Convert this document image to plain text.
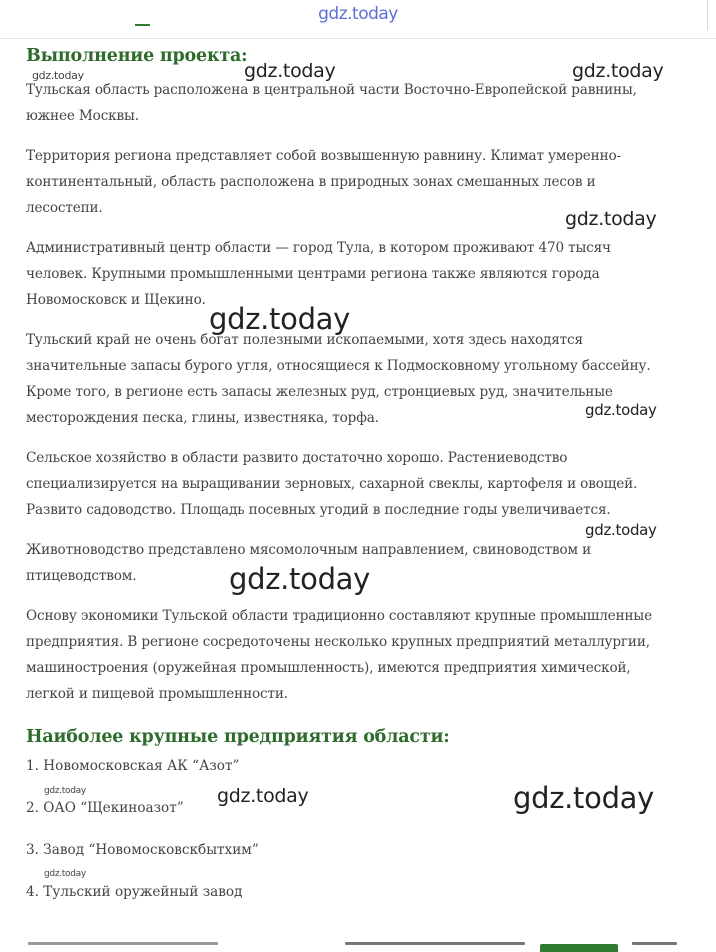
gdz.today
Выполнение проекта:

Тульская область расположена в центральной части Восточно-Европейской равнины, южнее Москвы.

Территория региона представляет собой возвышенную равнину. Климат умеренно-континентальный, область расположена в природных зонах смешанных лесов и лесостепи.

Административный центр области — город Тула, в котором проживают 470 тысяч человек. Крупными промышленными центрами региона также являются города Новомосковск и Щекино.

Тульский край не очень богат полезными ископаемыми, хотя здесь находятся значительные запасы бурого угля, относящиеся к Подмосковному угольному бассейну. Кроме того, в регионе есть запасы железных руд, стронциевых руд, значительные месторождения песка, глины, известняка, торфа.

Сельское хозяйство в области развито достаточно хорошо. Растениеводство специализируется на выращивании зерновых, сахарной свеклы, картофеля и овощей. Развито садоводство. Площадь посевных угодий в последние годы увеличивается.

Животноводство представлено мясомолочным направлением, свиноводством и птицеводством.

Основу экономики Тульской области традиционно составляют крупные промышленные предприятия. В регионе сосредоточены несколько крупных предприятий металлургии, машиностроения (оружейная промышленность), имеются предприятия химической, легкой и пищевой промышленности.

Наиболее крупные предприятия области:
1. Новомосковская АК “Азот”
2. ОАО “Щекиноазот”
3. Завод “Новомосковскбытхим”
4. Тульский оружейный завод
gdz.today	gdz.today	gdz.today
gdz.today
gdz.today
gdz.today
gdz.today
gdz.today
gdz.today	gdz.today	gdz.today
gdz.today
